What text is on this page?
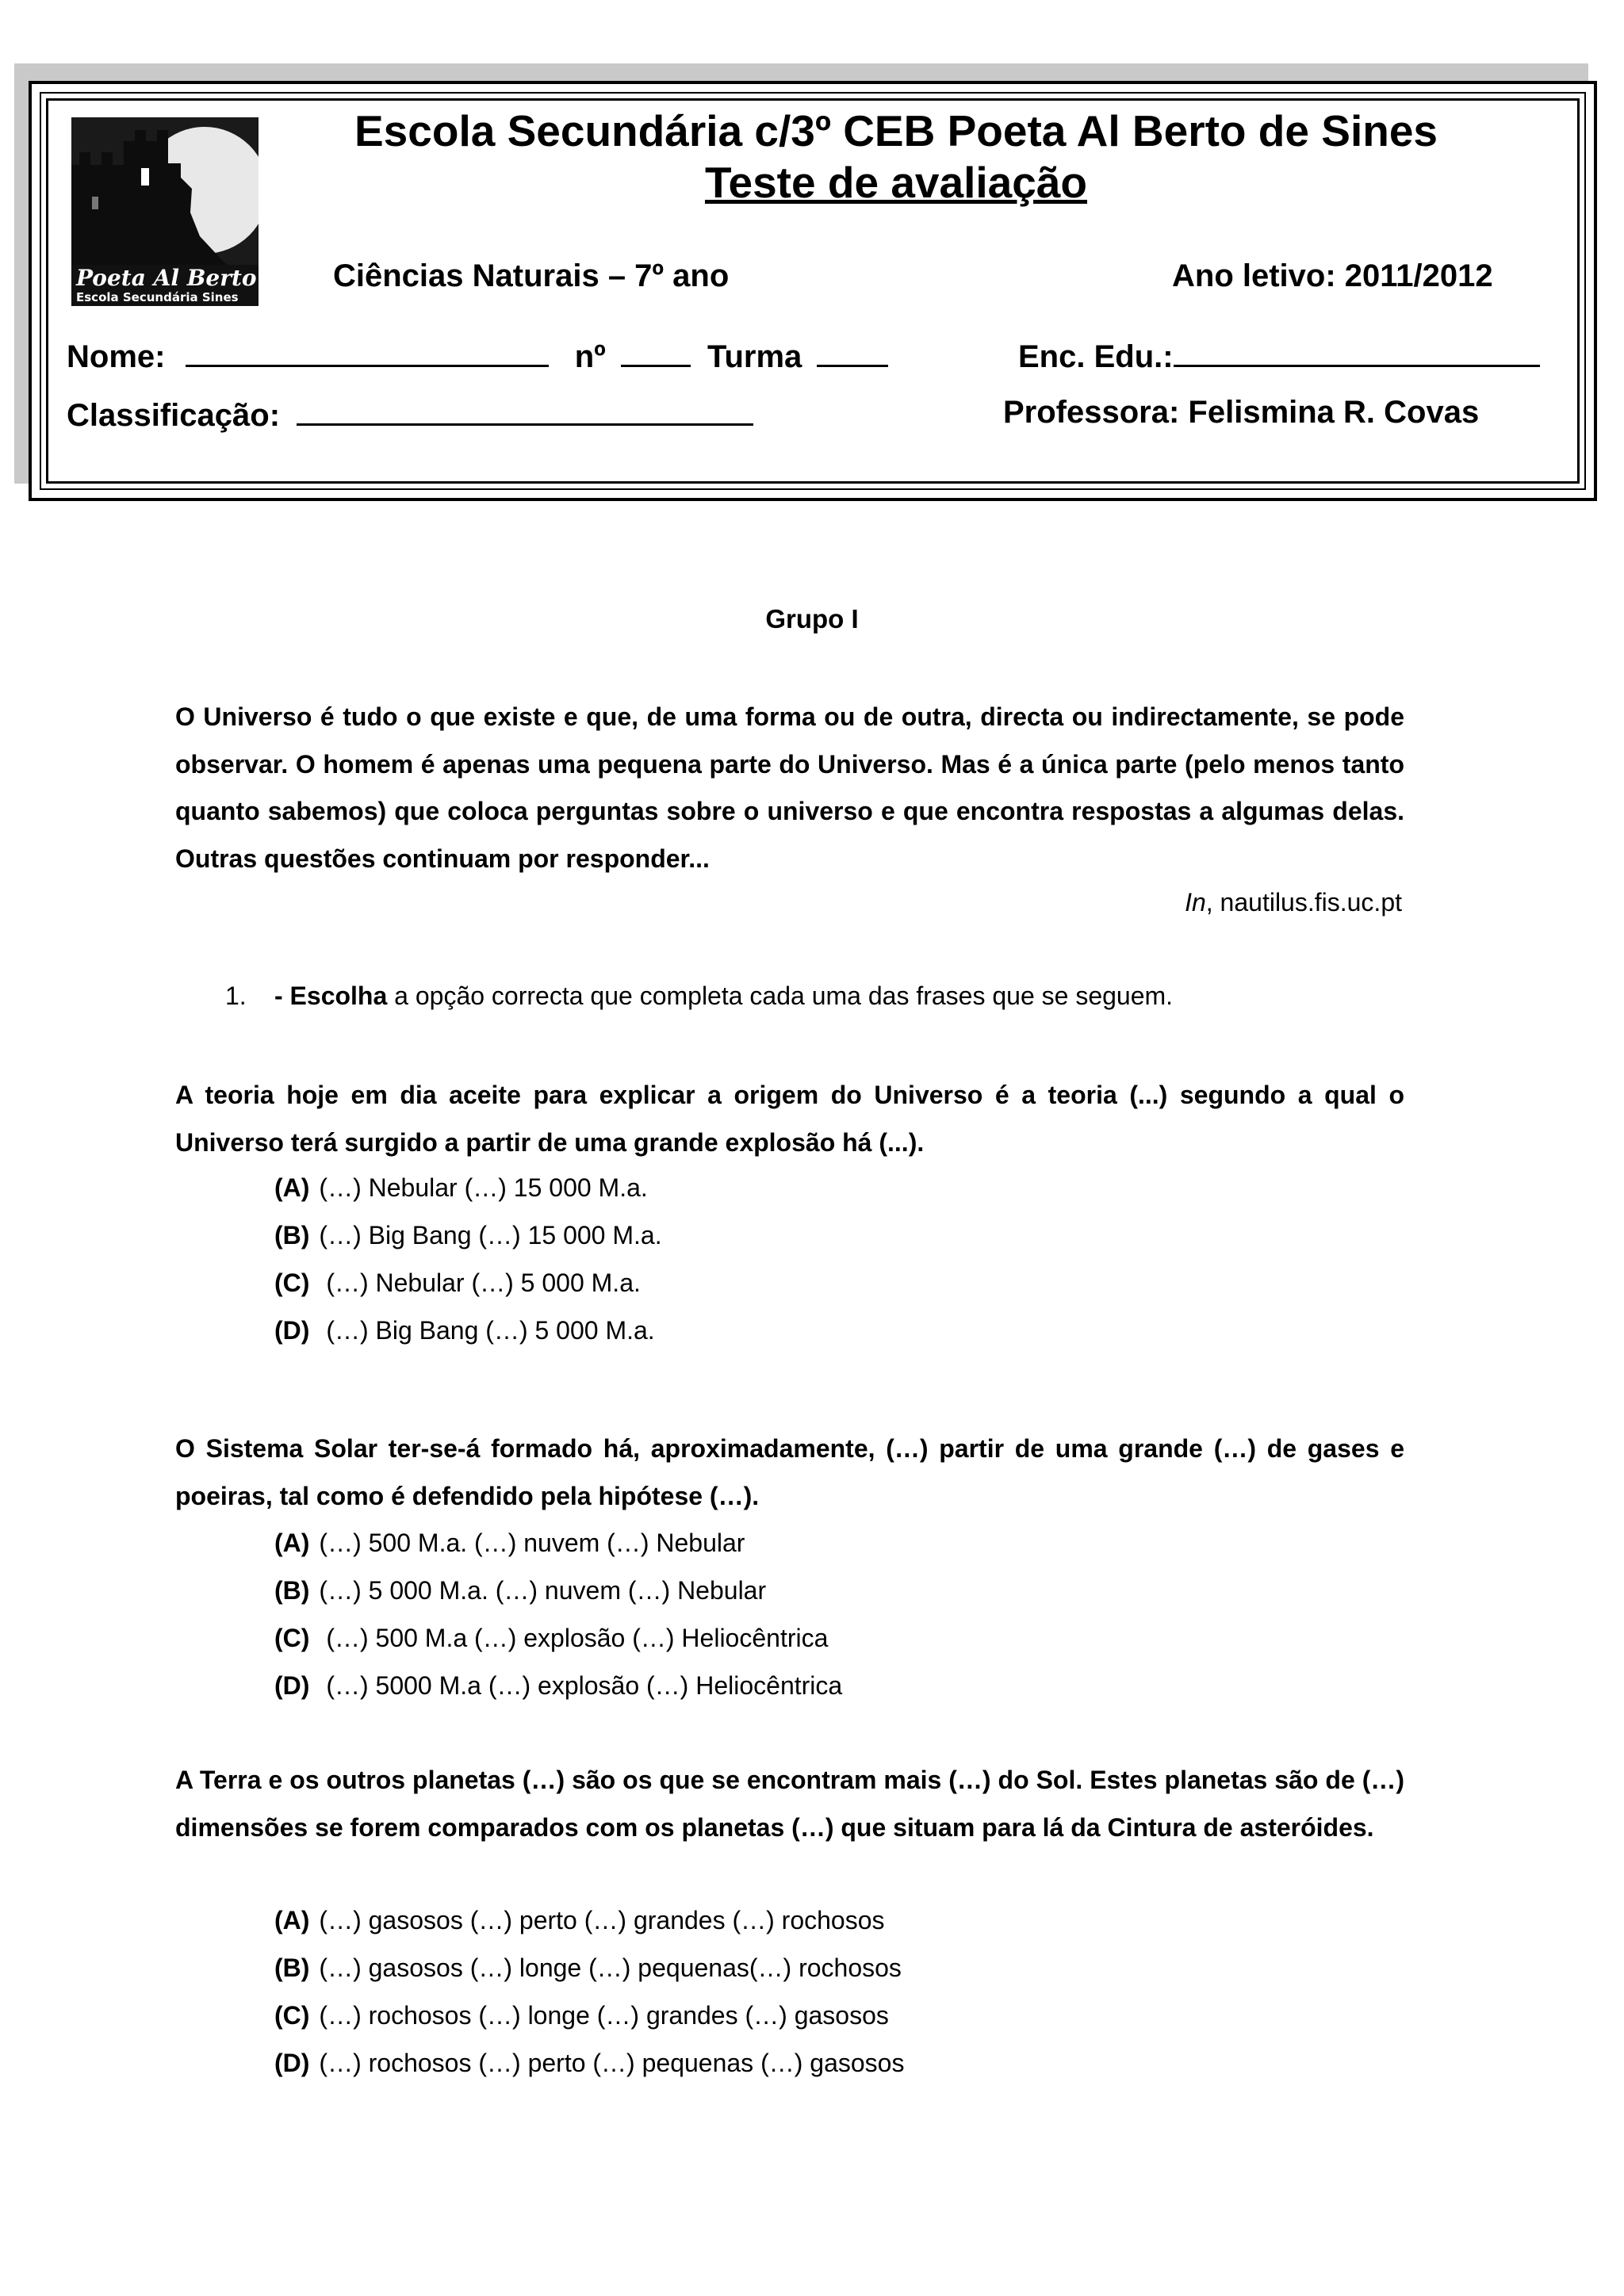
Poeta Al Berto
Escola Secundária Sines
Escola Secundária c/3º CEB Poeta Al Berto de Sines
Teste de avaliação
Ciências Naturais – 7º ano	Ano letivo: 2011/2012
Nome:	nº	Turma	Enc. Edu.:
Classificação:	Professora: Felismina R. Covas
Grupo I
O Universo é tudo o que existe e que, de uma forma ou de outra, directa ou indirectamente, se pode observar. O homem é apenas uma pequena parte do Universo. Mas é a única parte (pelo menos tanto quanto sabemos) que coloca perguntas sobre o universo e que encontra respostas a algumas delas. Outras questões continuam por responder...
In, nautilus.fis.uc.pt
1. - Escolha a opção correcta que completa cada uma das frases que se seguem.
A teoria hoje em dia aceite para explicar a origem do Universo é a teoria (...) segundo a qual o Universo terá surgido a partir de uma grande explosão há (...).
(A) (…) Nebular (…) 15 000 M.a.
(B) (…) Big Bang (…) 15 000 M.a.
(C) (…) Nebular (…) 5 000 M.a.
(D) (…) Big Bang (…) 5 000 M.a.
O Sistema Solar ter-se-á formado há, aproximadamente, (…) partir de uma grande (…) de gases e poeiras, tal como é defendido pela hipótese (…).
(A) (…) 500 M.a. (…) nuvem (…) Nebular
(B) (…) 5 000 M.a. (…) nuvem (…) Nebular
(C) (…) 500 M.a (…) explosão (…) Heliocêntrica
(D) (…) 5000 M.a (…) explosão (…) Heliocêntrica
A Terra e os outros planetas (…) são os que se encontram mais (…) do Sol. Estes planetas são de (…) dimensões se forem comparados com os planetas (…) que situam para lá da Cintura de asteróides.
(A) (…) gasosos (…) perto (…) grandes (…) rochosos
(B) (…) gasosos (…) longe (…) pequenas(…) rochosos
(C) (…) rochosos (…) longe (…) grandes (…) gasosos
(D) (…) rochosos (…) perto (…) pequenas (…) gasosos
